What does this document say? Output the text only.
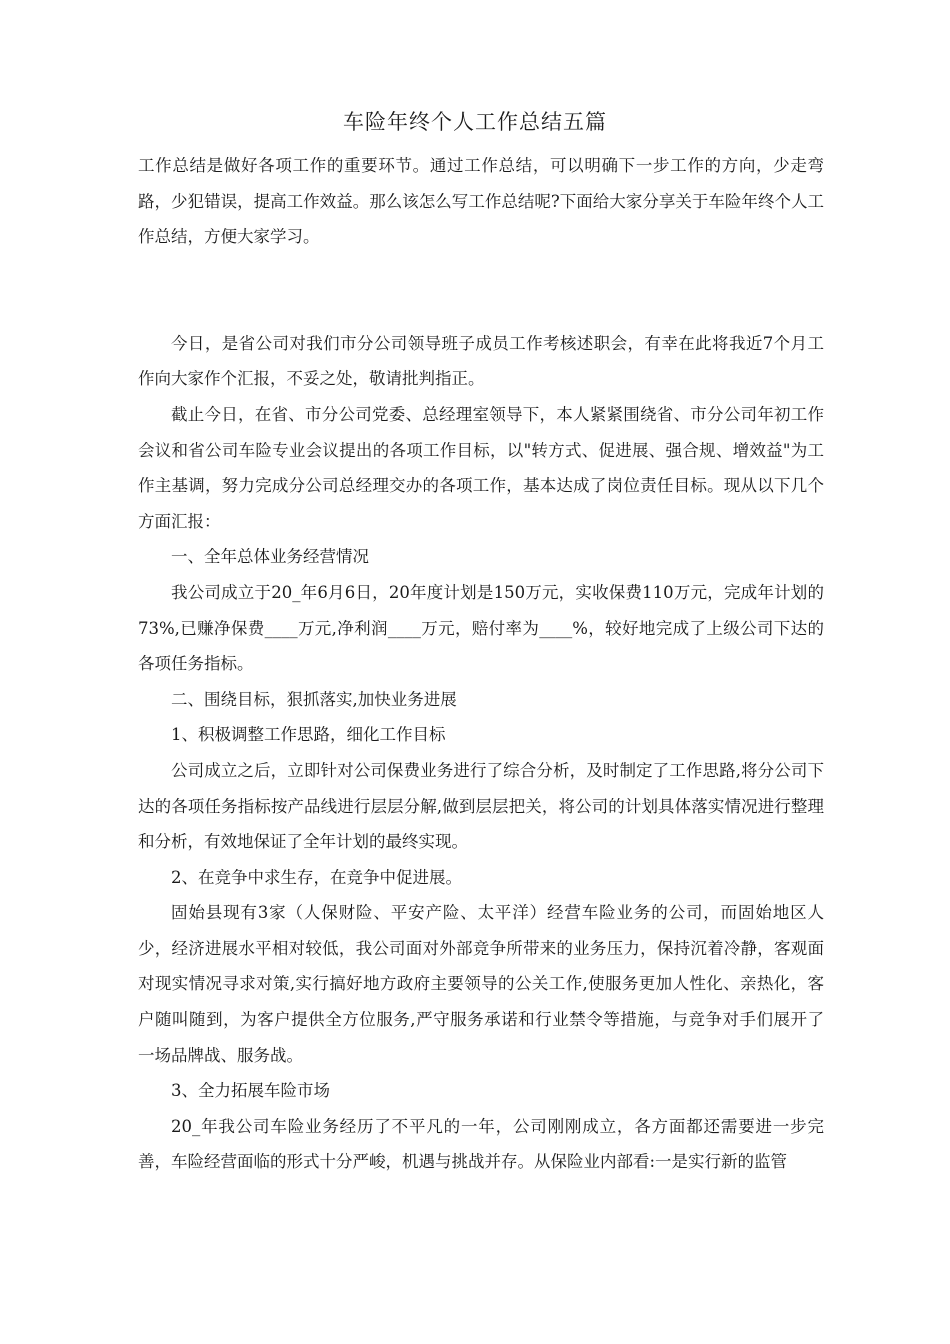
车险年终个人工作总结五篇

工作总结是做好各项工作的重要环节。通过工作总结，可以明确下一步工作的方向，少走弯路，少犯错误，提高工作效益。那么该怎么写工作总结呢?下面给大家分享关于车险年终个人工作总结，方便大家学习。

今日，是省公司对我们市分公司领导班子成员工作考核述职会，有幸在此将我近7个月工作向大家作个汇报，不妥之处，敬请批判指正。

截止今日，在省、市分公司党委、总经理室领导下，本人紧紧围绕省、市分公司年初工作会议和省公司车险专业会议提出的各项工作目标，以"转方式、促进展、强合规、增效益"为工作主基调，努力完成分公司总经理交办的各项工作，基本达成了岗位责任目标。现从以下几个方面汇报：

一、全年总体业务经营情况

我公司成立于20_年6月6日，20年度计划是150万元，实收保费110万元，完成年计划的73%,已赚净保费____万元,净利润____万元，赔付率为____%，较好地完成了上级公司下达的各项任务指标。

二、围绕目标，狠抓落实,加快业务进展

1、积极调整工作思路，细化工作目标

公司成立之后，立即针对公司保费业务进行了综合分析，及时制定了工作思路,将分公司下达的各项任务指标按产品线进行层层分解,做到层层把关，将公司的计划具体落实情况进行整理和分析，有效地保证了全年计划的最终实现。

2、在竞争中求生存，在竞争中促进展。

固始县现有3家（人保财险、平安产险、太平洋）经营车险业务的公司，而固始地区人少，经济进展水平相对较低，我公司面对外部竞争所带来的业务压力，保持沉着冷静，客观面对现实情况寻求对策,实行搞好地方政府主要领导的公关工作,使服务更加人性化、亲热化，客户随叫随到，为客户提供全方位服务,严守服务承诺和行业禁令等措施，与竞争对手们展开了 一场品牌战、服务战。

3、全力拓展车险市场

20_年我公司车险业务经历了不平凡的一年，公司刚刚成立，各方面都还需要进一步完善，车险经营面临的形式十分严峻，机遇与挑战并存。从保险业内部看:一是实行新的监管
